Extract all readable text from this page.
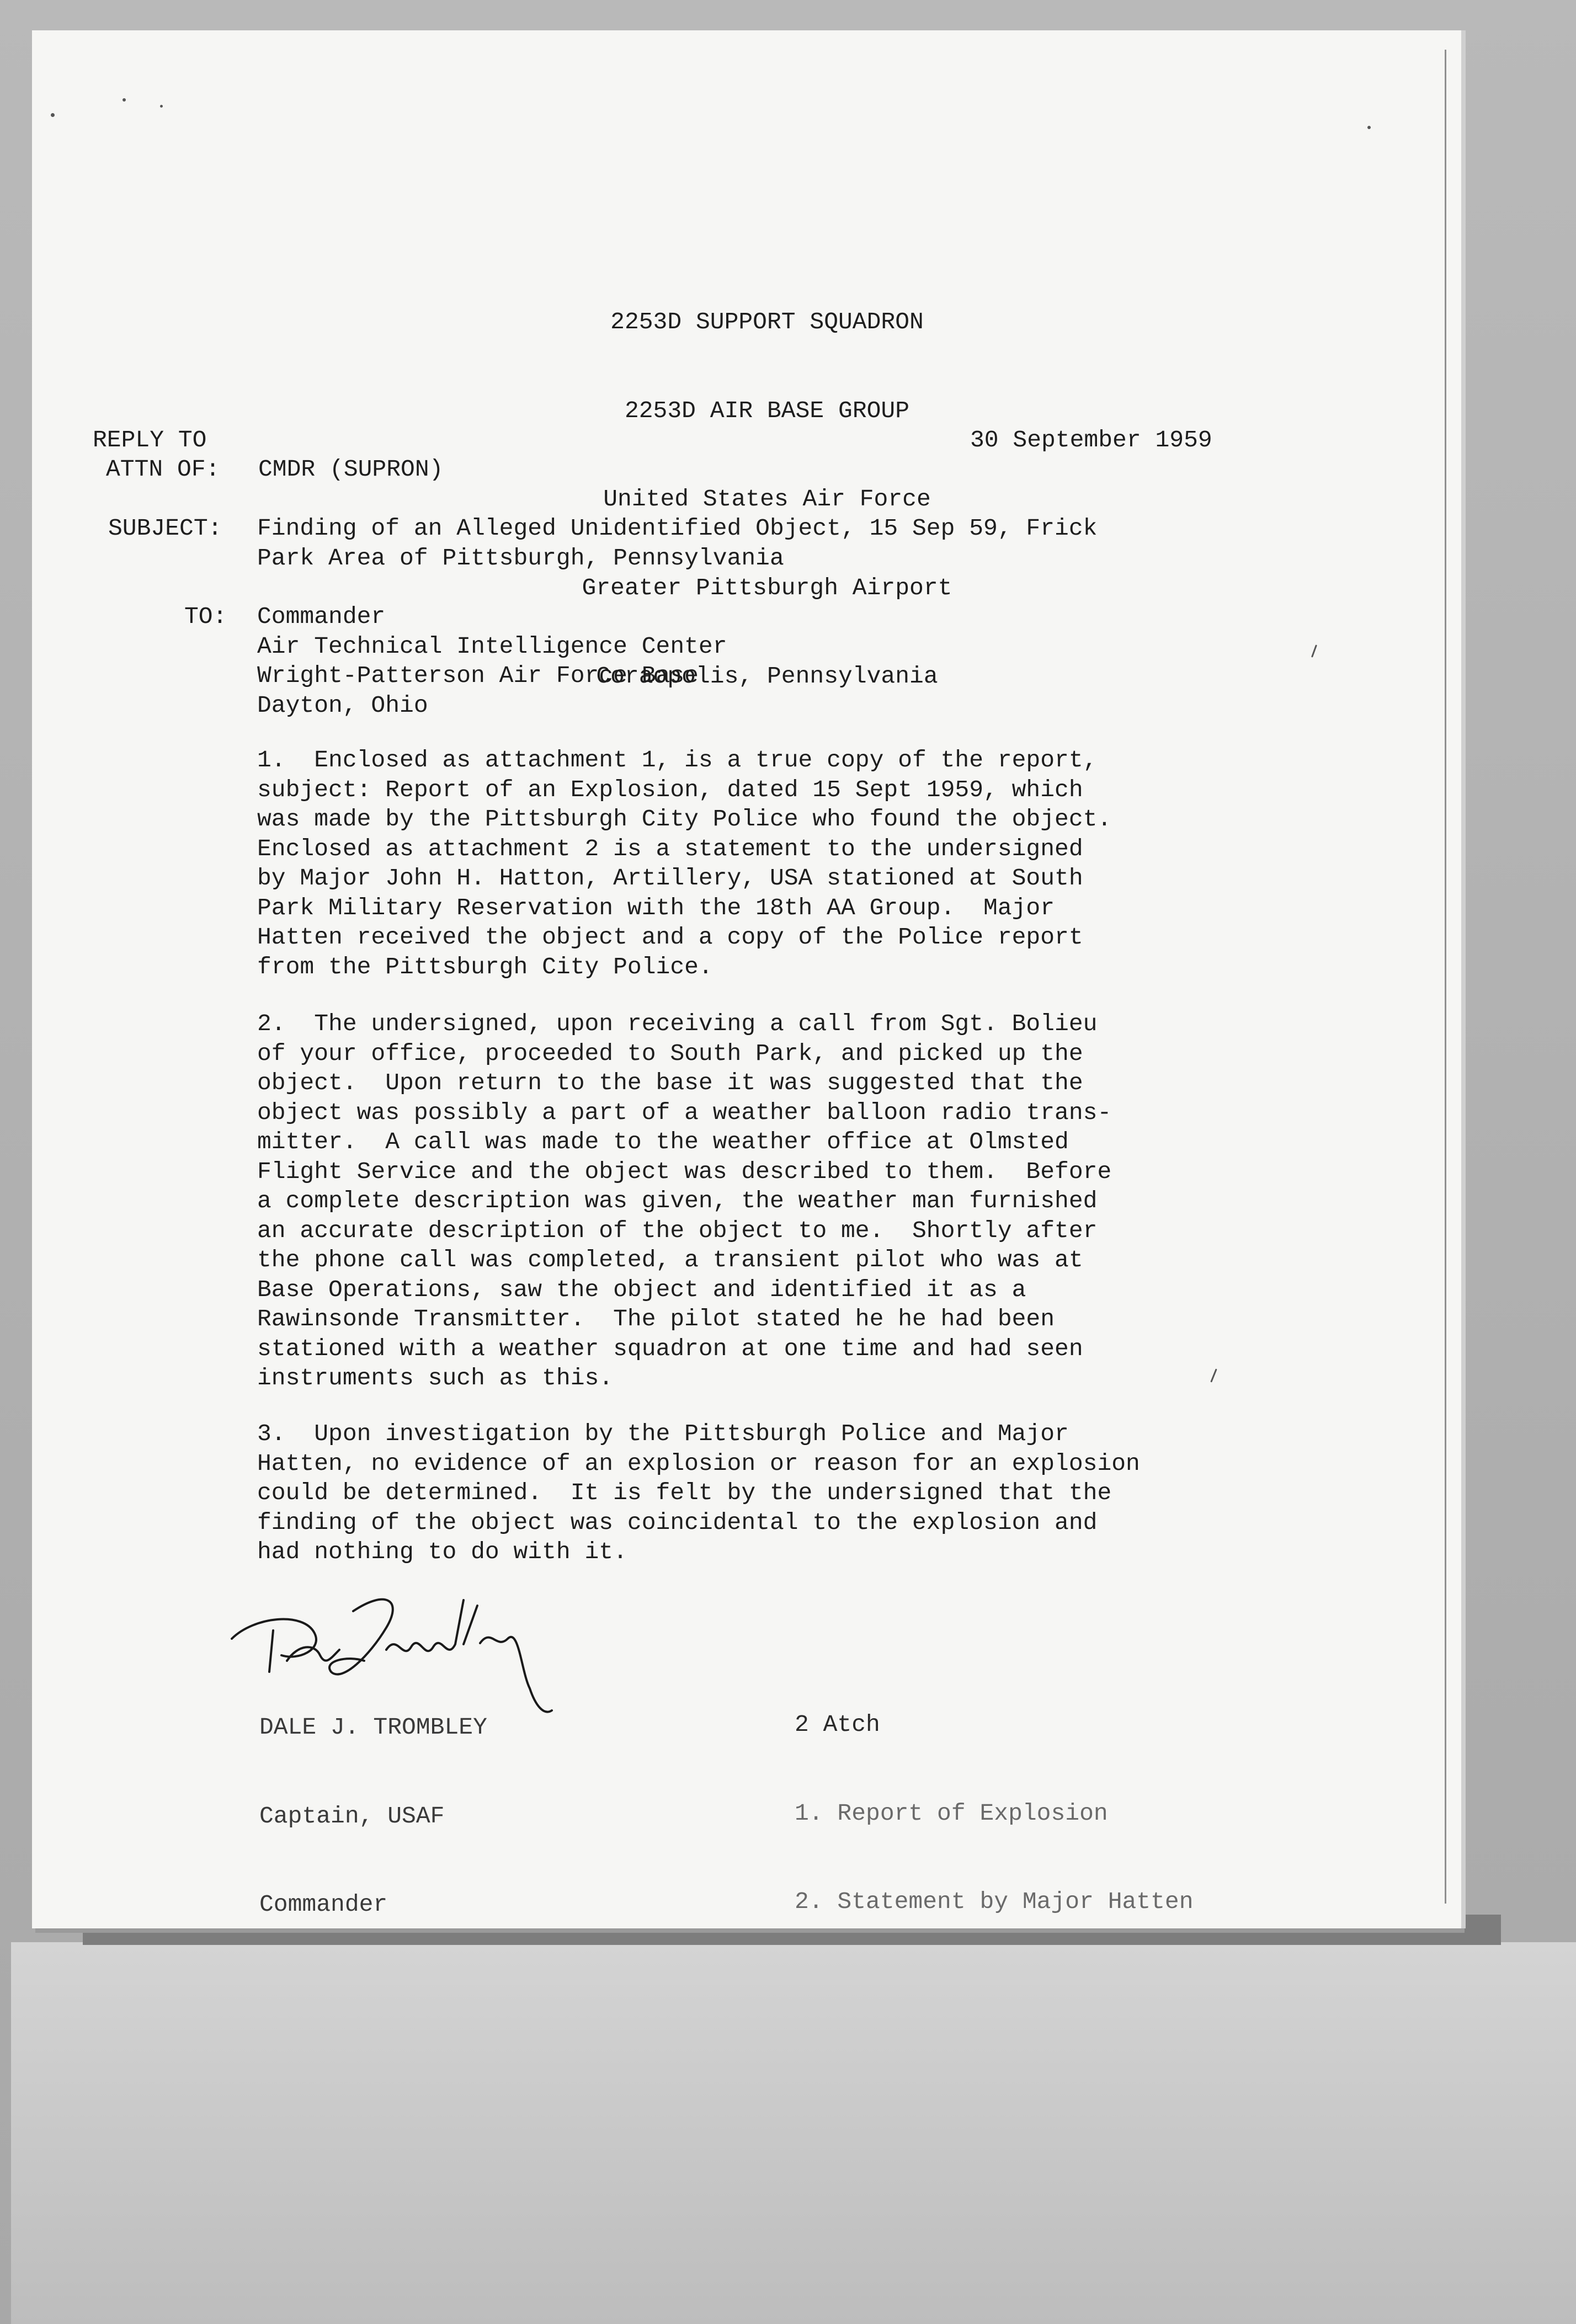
2253D SUPPORT SQUADRON

2253D AIR BASE GROUP

United States Air Force

Greater Pittsburgh Airport

Coraopolis, Pennsylvania

REPLY TO
ATTN OF: CMDR (SUPRON)
30 September 1959
SUBJECT: Finding of an Alleged Unidentified Object, 15 Sep 59, Frick
Park Area of Pittsburgh, Pennsylvania
TO: Commander
Air Technical Intelligence Center
Wright-Patterson Air Force Base
Dayton, Ohio
1.  Enclosed as attachment 1, is a true copy of the report,
subject: Report of an Explosion, dated 15 Sept 1959, which
was made by the Pittsburgh City Police who found the object.
Enclosed as attachment 2 is a statement to the undersigned
by Major John H. Hatton, Artillery, USA stationed at South
Park Military Reservation with the 18th AA Group.  Major
Hatten received the object and a copy of the Police report
from the Pittsburgh City Police.
2.  The undersigned, upon receiving a call from Sgt. Bolieu
of your office, proceeded to South Park, and picked up the
object.  Upon return to the base it was suggested that the
object was possibly a part of a weather balloon radio trans-
mitter.  A call was made to the weather office at Olmsted
Flight Service and the object was described to them.  Before
a complete description was given, the weather man furnished
an accurate description of the object to me.  Shortly after
the phone call was completed, a transient pilot who was at
Base Operations, saw the object and identified it as a
Rawinsonde Transmitter.  The pilot stated he he had been
stationed with a weather squadron at one time and had seen
instruments such as this.
3.  Upon investigation by the Pittsburgh Police and Major
Hatten, no evidence of an explosion or reason for an explosion
could be determined.  It is felt by the undersigned that the
finding of the object was coincidental to the explosion and
had nothing to do with it.

DALE J. TROMBLEY

Captain, USAF

Commander

2 Atch

1. Report of Explosion

2. Statement by Major Hatten
